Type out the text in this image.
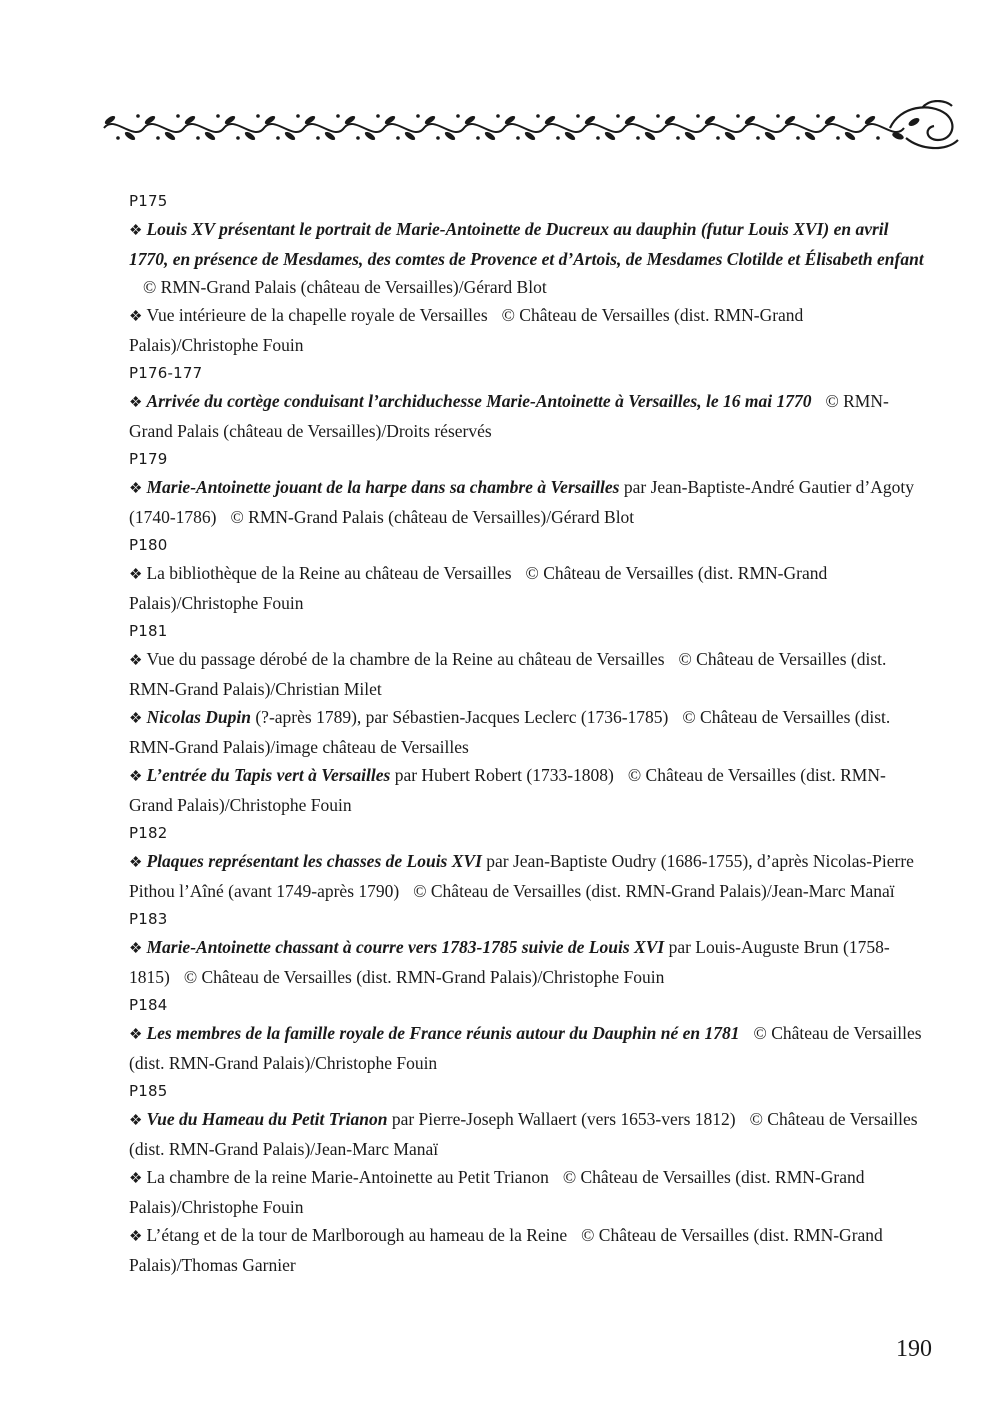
P175
❖ Louis XV présentant le portrait de Marie-Antoinette de Ducreux au dauphin (futur Louis XVI) en avril 1770, en présence de Mesdames, des comtes de Provence et d’Artois, de Mesdames Clotilde et Élisabeth enfant© RMN-Grand Palais (château de Versailles)/Gérard Blot
❖ Vue intérieure de la chapelle royale de Versailles © Château de Versailles (dist. RMN-Grand Palais)/Christophe Fouin
P176-177
❖ Arrivée du cortège conduisant l’archiduchesse Marie-Antoinette à Versailles, le 16 mai 1770 © RMN-Grand Palais (château de Versailles)/Droits réservés
P179
❖ Marie-Antoinette jouant de la harpe dans sa chambre à Versailles par Jean-Baptiste-André Gautier d’Agoty (1740-1786) © RMN-Grand Palais (château de Versailles)/Gérard Blot
P180
❖ La bibliothèque de la Reine au château de Versailles © Château de Versailles (dist. RMN-Grand Palais)/Christophe Fouin
P181
❖ Vue du passage dérobé de la chambre de la Reine au château de Versailles © Château de Versailles (dist. RMN-Grand Palais)/Christian Milet
❖ Nicolas Dupin (?-après 1789), par Sébastien-Jacques Leclerc (1736-1785) © Château de Versailles (dist. RMN-Grand Palais)/image château de Versailles
❖ L’entrée du Tapis vert à Versailles par Hubert Robert (1733-1808) © Château de Versailles (dist. RMN-Grand Palais)/Christophe Fouin
P182
❖ Plaques représentant les chasses de Louis XVI par Jean-Baptiste Oudry (1686-1755), d’après Nicolas-Pierre Pithou l’Aîné (avant 1749-après 1790) © Château de Versailles (dist. RMN-Grand Palais)/Jean-Marc Manaï
P183
❖ Marie-Antoinette chassant à courre vers 1783-1785 suivie de Louis XVI par Louis-Auguste Brun (1758-1815) © Château de Versailles (dist. RMN-Grand Palais)/Christophe Fouin
P184
❖ Les membres de la famille royale de France réunis autour du Dauphin né en 1781 © Château de Versailles (dist. RMN-Grand Palais)/Christophe Fouin
P185
❖ Vue du Hameau du Petit Trianon par Pierre-Joseph Wallaert (vers 1653-vers 1812) © Château de Versailles (dist. RMN-Grand Palais)/Jean-Marc Manaï
❖ La chambre de la reine Marie-Antoinette au Petit Trianon © Château de Versailles (dist. RMN-Grand Palais)/Christophe Fouin
❖ L’étang et de la tour de Marlborough au hameau de la Reine © Château de Versailles (dist. RMN-Grand Palais)/Thomas Garnier
190
